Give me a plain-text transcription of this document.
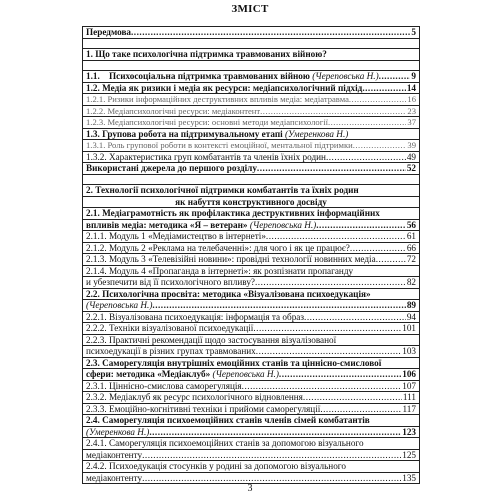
ЗМІСТ
Передмова .....	5
1. Що таке психологічна підтримка травмованих війною?
1.1.    Психосоціальна підтримка травмованих війною (Череповська Н.) .....	9
1.2. Медіа як ризики і медіа як ресурси: медіапсихологічний підхід .....	14
1.2.1. Ризики інформаційних деструктивних впливів медіа: медіатравма .....	16
1.2.2. Медіапсихологічні ресурси: медіаконтент .....	23
1.2.3. Медіапсихологічні ресурси: основні методи медіапсихології .....	37
1.3. Групова робота на підтримувальному етапі (Умеренкова Н.)
1.3.1. Роль групової роботи в контексті емоційної, ментальної підтримки .....	39
1.3.2. Характеристика груп комбатантів та членів їхніх родин .....	49
Використані джерела до першого розділу .....	52
2. Технології психологічної підтримки комбатантів та їхніх родин
як набуття конструктивного досвіду
2.1. Медіаграмотність як профілактика деструктивних інформаційних
впливів медіа: методика «Я – ветеран» (Череповська Н.) .....	56
2.1.1. Модуль 1 «Медіамистецтво в інтернеті» .....	61
2.1.2. Модуль 2 «Реклама на телебаченні»: для чого і як це працює? .....	66
2.1.3. Модуль 3 «Телевізійні новини»: провідні технології новинних медіа .....	72
2.1.4. Модуль 4 «Пропаганда в інтернеті»: як розпізнати пропаганду
и убезпечити від її психологічного впливу? .....	82
2.2. Психологічна просвіта: методика «Візуалізована психоедукація»
(Череповська Н.) .....	89
2.2.1. Візуалізована психоедукація: інформація та образ .....	94
2.2.2. Техніки візуалізованої психоедукації .....	101
2.2.3. Практичні рекомендації щодо застосування візуалізованої
психоедукації в різних групах травмованих .....	103
2.3. Саморегуляція внутрішніх емоційних станів та ціннісно-смислової
сфери: методика «Медіаклуб» (Череповська Н.) .....	106
2.3.1. Ціннісно-смислова саморегуляція .....	107
2.3.2. Медіаклуб як ресурс психологічного відновлення .....	111
2.3.3. Емоційно-когнітивні техніки і прийоми саморегуляції .....	117
2.4. Саморегуляція психоемоційних станів членів сімей комбатантів
(Умеренкова Н.) .....	123
2.4.1. Саморегуляція психоемоційних станів за допомогою візуального
медіаконтенту .....	125
2.4.2. Психоедукація стосунків у родині за допомогою візуального
медіаконтенту .....	135
3
